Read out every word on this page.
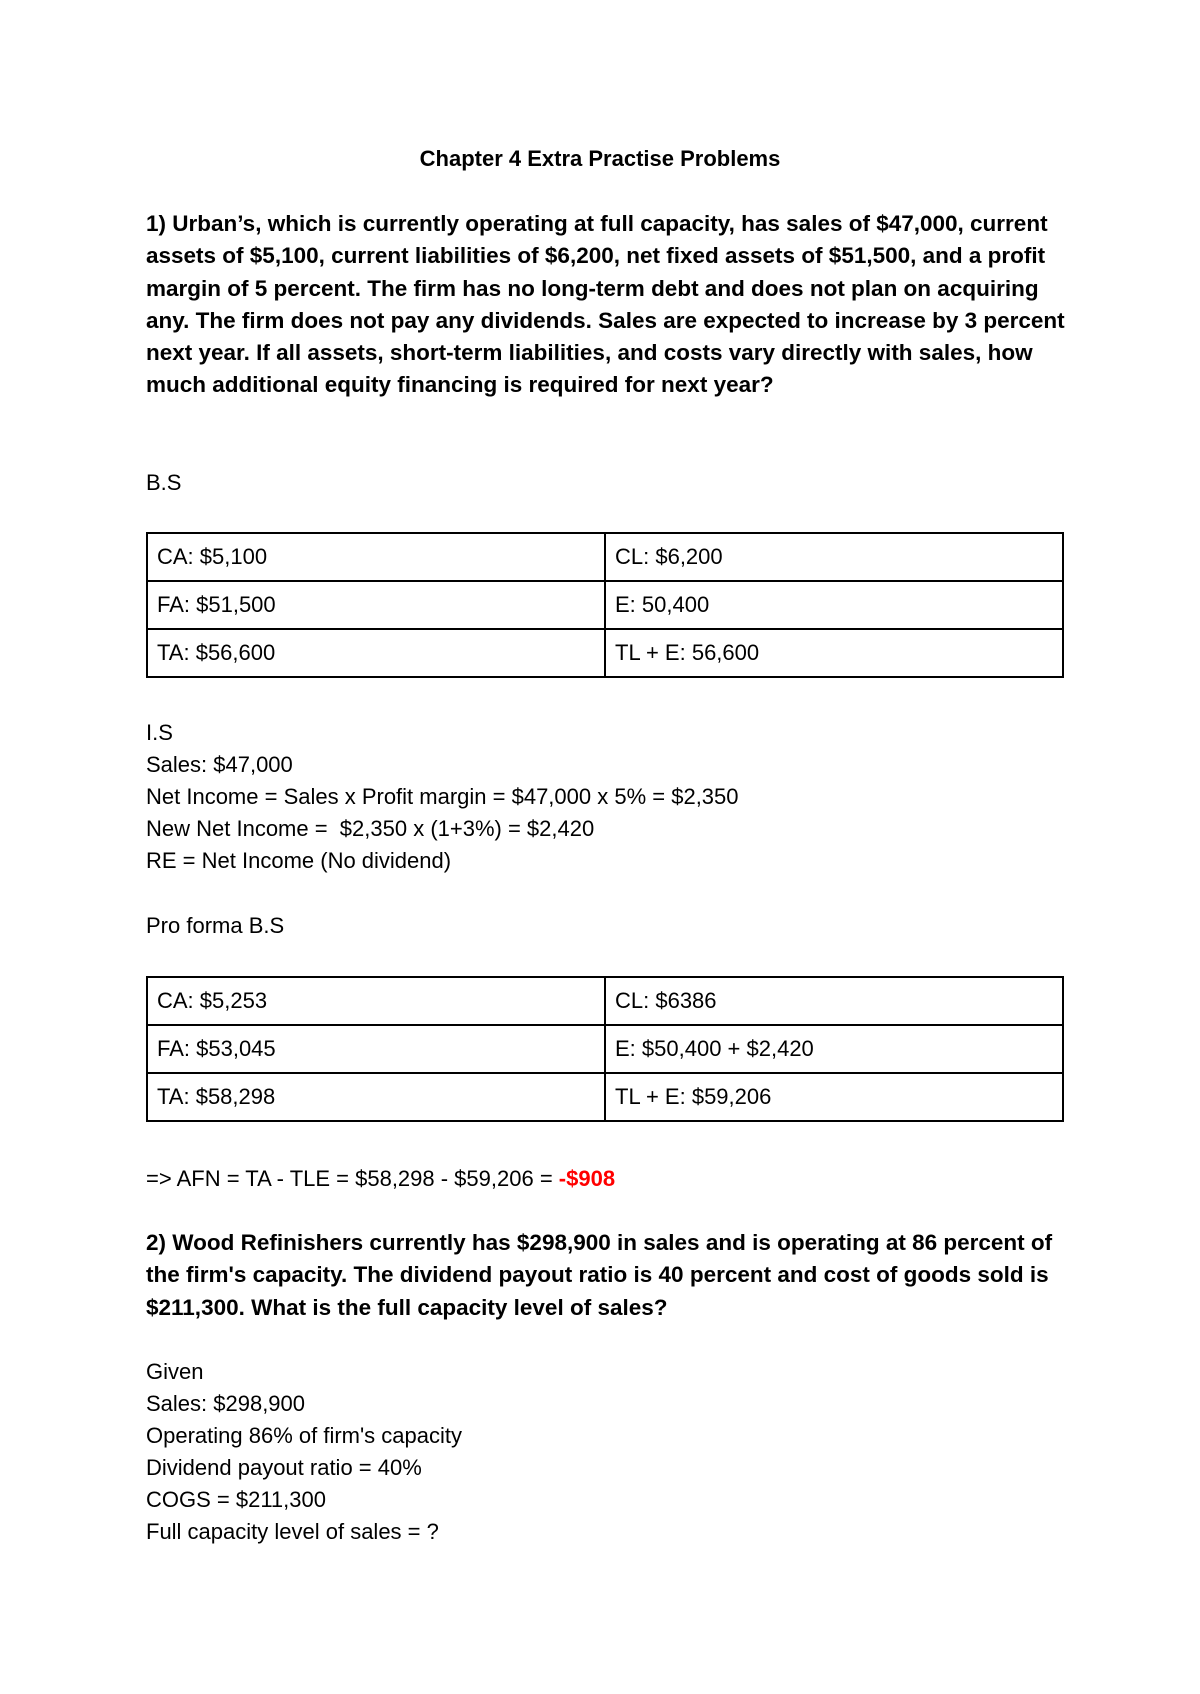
Chapter 4 Extra Practise Problems
1) Urban’s, which is currently operating at full capacity, has sales of $47,000, current assets of $5,100, current liabilities of $6,200, net fixed assets of $51,500, and a profit margin of 5 percent. The firm has no long-term debt and does not plan on acquiring any. The firm does not pay any dividends. Sales are expected to increase by 3 percent next year. If all assets, short-term liabilities, and costs vary directly with sales, how much additional equity financing is required for next year?
B.S
CA: $5,100	CL: $6,200
FA: $51,500	E: 50,400
TA: $56,600	TL + E: 56,600
I.S
Sales: $47,000
Net Income = Sales x Profit margin = $47,000 x 5% = $2,350
New Net Income =  $2,350 x (1+3%) = $2,420
RE = Net Income (No dividend)
Pro forma B.S
CA: $5,253	CL: $6386
FA: $53,045	E: $50,400 + $2,420
TA: $58,298	TL + E: $59,206
=> AFN = TA - TLE = $58,298 - $59,206 = -$908
2) Wood Refinishers currently has $298,900 in sales and is operating at 86 percent of the firm's capacity. The dividend payout ratio is 40 percent and cost of goods sold is $211,300. What is the full capacity level of sales?
Given
Sales: $298,900
Operating 86% of firm's capacity
Dividend payout ratio = 40%
COGS = $211,300
Full capacity level of sales = ?
